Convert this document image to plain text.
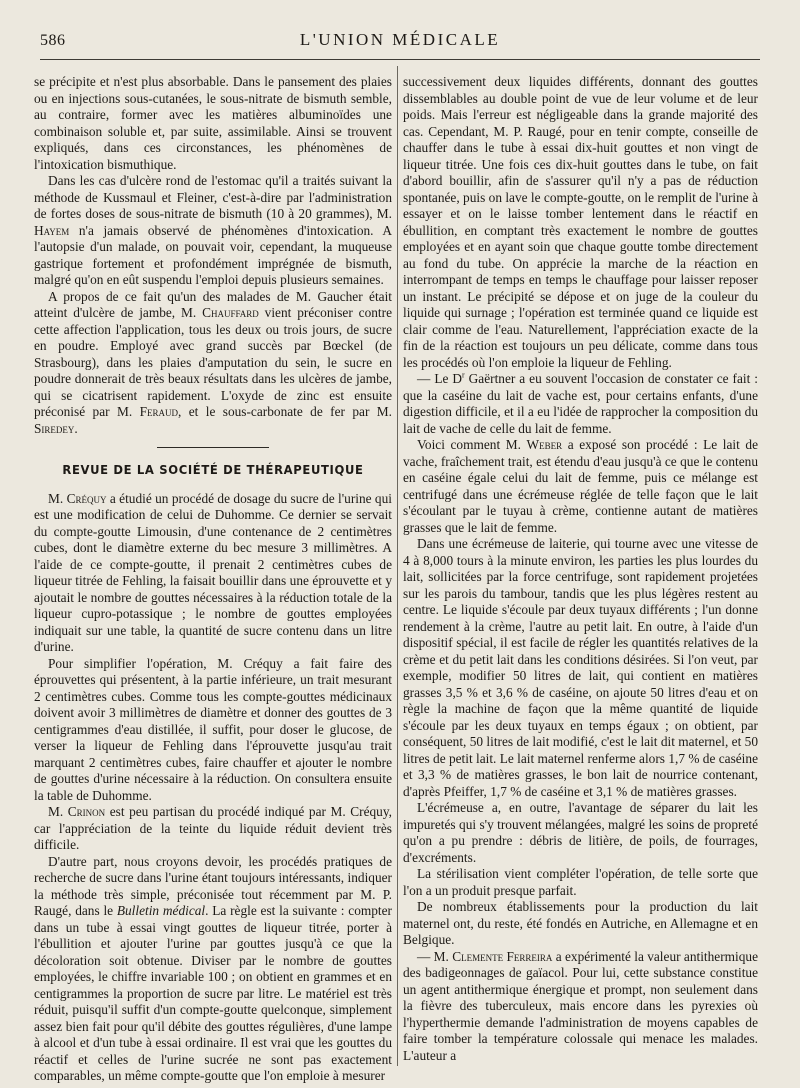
586	L'UNION MÉDICALE

se précipite et n'est plus absorbable. Dans le pansement des plaies ou en injections sous-cutanées, le sous-nitrate de bismuth semble, au contraire, former avec les matières albuminoïdes une combinaison soluble et, par suite, assimilable. Ainsi se trouvent expliqués, dans ces circonstances, les phénomènes de l'intoxication bismuthique.

Dans les cas d'ulcère rond de l'estomac qu'il a traités suivant la méthode de Kussmaul et Fleiner, c'est-à-dire par l'administration de fortes doses de sous-nitrate de bismuth (10 à 20 grammes), M. Hayem n'a jamais observé de phénomènes d'intoxication. A l'autopsie d'un malade, on pouvait voir, cependant, la muqueuse gastrique fortement et profondément imprégnée de bismuth, malgré qu'on en eût suspendu l'emploi depuis plusieurs semaines.

A propos de ce fait qu'un des malades de M. Gaucher était atteint d'ulcère de jambe, M. Chauffard vient préconiser contre cette affection l'application, tous les deux ou trois jours, de sucre en poudre. Employé avec grand succès par Bœckel (de Strasbourg), dans les plaies d'amputation du sein, le sucre en poudre donnerait de très beaux résultats dans les ulcères de jambe, qui se cicatrisent rapidement. L'oxyde de zinc est ensuite préconisé par M. Feraud, et le sous-carbonate de fer par M. Siredey.

REVUE DE LA SOCIÉTÉ DE THÉRAPEUTIQUE

M. Créquy a étudié un procédé de dosage du sucre de l'urine qui est une modification de celui de Duhomme. Ce dernier se servait du compte-goutte Limousin, d'une contenance de 2 centimètres cubes, dont le diamètre externe du bec mesure 3 millimètres. A l'aide de ce compte-goutte, il prenait 2 centimètres cubes de liqueur titrée de Fehling, la faisait bouillir dans une éprouvette et y ajoutait le nombre de gouttes nécessaires à la réduction totale de la liqueur cupro-potassique ; le nombre de gouttes employées indiquait sur une table, la quantité de sucre contenu dans un litre d'urine.

Pour simplifier l'opération, M. Créquy a fait faire des éprouvettes qui présentent, à la partie inférieure, un trait mesurant 2 centimètres cubes. Comme tous les compte-gouttes médicinaux doivent avoir 3 millimètres de diamètre et donner des gouttes de 3 centigrammes d'eau distillée, il suffit, pour doser le glucose, de verser la liqueur de Fehling dans l'éprouvette jusqu'au trait marquant 2 centimètres cubes, faire chauffer et ajouter le nombre de gouttes d'urine nécessaire à la réduction. On consultera ensuite la table de Duhomme.

M. Crinon est peu partisan du procédé indiqué par M. Créquy, car l'appréciation de la teinte du liquide réduit devient très difficile.

D'autre part, nous croyons devoir, les procédés pratiques de recherche de sucre dans l'urine étant toujours intéressants, indiquer la méthode très simple, préconisée tout récemment par M. P. Raugé, dans le Bulletin médical. La règle est la suivante : compter dans un tube à essai vingt gouttes de liqueur titrée, porter à l'ébullition et ajouter l'urine par gouttes jusqu'à ce que la décoloration soit obtenue. Diviser par le nombre de gouttes employées, le chiffre invariable 100 ; on obtient en grammes et en centigrammes la proportion de sucre par litre. Le matériel est très réduit, puisqu'il suffit d'un compte-goutte quelconque, simplement assez bien fait pour qu'il débite des gouttes régulières, d'une lampe à alcool et d'un tube à essai ordinaire. Il est vrai que les gouttes du réactif et celles de l'urine sucrée ne sont pas exactement comparables, un même compte-goutte que l'on emploie à mesurer

successivement deux liquides différents, donnant des gouttes dissemblables au double point de vue de leur volume et de leur poids. Mais l'erreur est négligeable dans la grande majorité des cas. Cependant, M. P. Raugé, pour en tenir compte, conseille de chauffer dans le tube à essai dix-huit gouttes et non vingt de liqueur titrée. Une fois ces dix-huit gouttes dans le tube, on fait d'abord bouillir, afin de s'assurer qu'il n'y a pas de réduction spontanée, puis on lave le compte-goutte, on le remplit de l'urine à essayer et on le laisse tomber lentement dans le réactif en ébullition, en comptant très exactement le nombre de gouttes employées et en ayant soin que chaque goutte tombe directement au fond du tube. On apprécie la marche de la réaction en interrompant de temps en temps le chauffage pour laisser reposer un instant. Le précipité se dépose et on juge de la couleur du liquide qui surnage ; l'opération est terminée quand ce liquide est clair comme de l'eau. Naturellement, l'appréciation exacte de la fin de la réaction est toujours un peu délicate, comme dans tous les procédés où l'on emploie la liqueur de Fehling.

— Le $D^r$ Gaërtner a eu souvent l'occasion de constater ce fait : que la caséine du lait de vache est, pour certains enfants, d'une digestion difficile, et il a eu l'idée de rapprocher la composition du lait de vache de celle du lait de femme.

Voici comment M. Weber a exposé son procédé : Le lait de vache, fraîchement trait, est étendu d'eau jusqu'à ce que le contenu en caséine égale celui du lait de femme, puis ce mélange est centrifugé dans une écrémeuse réglée de telle façon que le lait s'écoulant par le tuyau à crème, contienne autant de matières grasses que le lait de femme.

Dans une écrémeuse de laiterie, qui tourne avec une vitesse de 4 à 8,000 tours à la minute environ, les parties les plus lourdes du lait, sollicitées par la force centrifuge, sont rapidement projetées sur les parois du tambour, tandis que les plus légères restent au centre. Le liquide s'écoule par deux tuyaux différents ; l'un donne rendement à la crème, l'autre au petit lait. En outre, à l'aide d'un dispositif spécial, il est facile de régler les quantités relatives de la crème et du petit lait dans les conditions désirées. Si l'on veut, par exemple, modifier 50 litres de lait, qui contient en matières grasses 3,5 % et 3,6 % de caséine, on ajoute 50 litres d'eau et on règle la machine de façon que la même quantité de liquide s'écoule par les deux tuyaux en temps égaux ; on obtient, par conséquent, 50 litres de lait modifié, c'est le lait dit maternel, et 50 litres de petit lait. Le lait maternel renferme alors 1,7 % de caséine et 3,3 % de matières grasses, le bon lait de nourrice contenant, d'après Pfeiffer, 1,7 % de caséine et 3,1 % de matières grasses.

L'écrémeuse a, en outre, l'avantage de séparer du lait les impuretés qui s'y trouvent mélangées, malgré les soins de propreté qu'on a pu prendre : débris de litière, de poils, de fourrages, d'excréments.

La stérilisation vient compléter l'opération, de telle sorte que l'on a un produit presque parfait.

De nombreux établissements pour la production du lait maternel ont, du reste, été fondés en Autriche, en Allemagne et en Belgique.

— M. Clemente Ferreira a expérimenté la valeur antithermique des badigeonnages de gaïacol. Pour lui, cette substance constitue un agent antithermique énergique et prompt, non seulement dans la fièvre des tuberculeux, mais encore dans les pyrexies où l'hyperthermie demande l'administration de moyens capables de faire tomber la température colossale qui menace les malades. L'auteur a
